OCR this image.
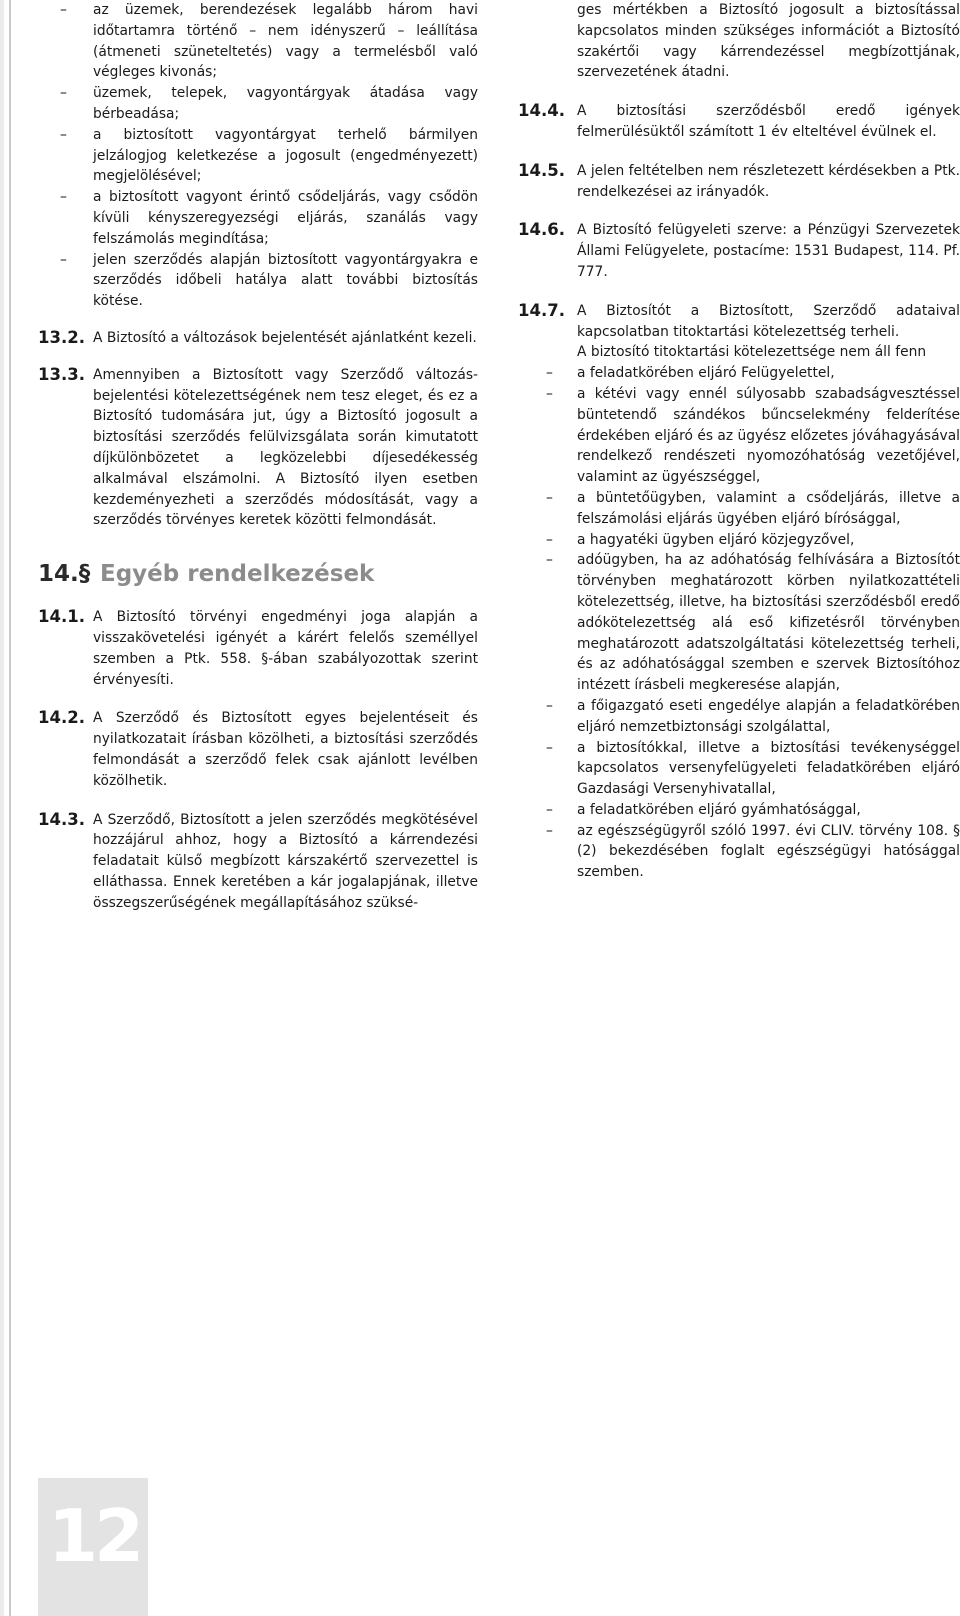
12
– az üzemek, berendezések legalább három havi időtartamra történő – nem idényszerű – leállítása (átmeneti szüneteltetés) vagy a termelésből való végleges kivonás;
– üzemek, telepek, vagyontárgyak átadása vagy bérbeadása;
– a biztosított vagyontárgyat terhelő bármilyen jelzálogjog keletkezése a jogosult (engedményezett) megjelölésével;
– a biztosított vagyont érintő csődeljárás, vagy csődön kívüli kényszeregyezségi eljárás, szanálás vagy felszámolás megindítása;
– jelen szerződés alapján biztosított vagyontárgyakra e szerződés időbeli hatálya alatt további biztosítás kötése.
13.2. A Biztosító a változások bejelentését ajánlatként kezeli.
13.3. Amennyiben a Biztosított vagy Szerződő változás-bejelentési kötelezettségének nem tesz eleget, és ez a Biztosító tudomására jut, úgy a Biztosító jogosult a biztosítási szerződés felülvizsgálata során kimutatott díjkülönbözetet a legközelebbi díjesedékesség alkalmával elszámolni. A Biztosító ilyen esetben kezdeményezheti a szerződés módosítását, vagy a szerződés törvényes keretek közötti felmondását.
14.§ Egyéb rendelkezések
14.1. A Biztosító törvényi engedményi joga alapján a visszakövetelési igényét a kárért felelős személlyel szemben a Ptk. 558. §-ában szabályozottak szerint érvényesíti.
14.2. A Szerződő és Biztosított egyes bejelentéseit és nyilatkozatait írásban közölheti, a biztosítási szerződés felmondását a szerződő felek csak ajánlott levélben közölhetik.
14.3. A Szerződő, Biztosított a jelen szerződés megkötésével hozzájárul ahhoz, hogy a Biztosító a kárrendezési feladatait külső megbízott kárszakértő szervezettel is elláthassa. Ennek keretében a kár jogalapjának, illetve összegszerűségének megállapításához szüksé-
ges mértékben a Biztosító jogosult a biztosítással kapcsolatos minden szükséges információt a Biztosító szakértői vagy kárrendezéssel megbízottjának, szervezetének átadni.
14.4. A biztosítási szerződésből eredő igények felmerülésüktől számított 1 év elteltével évülnek el.
14.5. A jelen feltételben nem részletezett kérdésekben a Ptk. rendelkezései az irányadók.
14.6. A Biztosító felügyeleti szerve: a Pénzügyi Szervezetek Állami Felügyelete, postacíme: 1531 Budapest, 114. Pf. 777.
14.7. A Biztosítót a Biztosított, Szerződő adataival kapcsolatban titoktartási kötelezettség terheli.
A biztosító titoktartási kötelezettsége nem áll fenn
– a feladatkörében eljáró Felügyelettel,
– a kétévi vagy ennél súlyosabb szabadságvesztéssel büntetendő szándékos bűncselekmény felderítése érdekében eljáró és az ügyész előzetes jóváhagyásával rendelkező rendészeti nyomozóhatóság vezetőjével, valamint az ügyészséggel,
– a büntetőügyben, valamint a csődeljárás, illetve a felszámolási eljárás ügyében eljáró bírósággal,
– a hagyatéki ügyben eljáró közjegyzővel,
– adóügyben, ha az adóhatóság felhívására a Biztosítót törvényben meghatározott körben nyilatkozattételi kötelezettség, illetve, ha biztosítási szerződésből eredő adókötelezettség alá eső kifizetésről törvényben meghatározott adatszolgáltatási kötelezettség terheli, és az adóhatósággal szemben e szervek Biztosítóhoz intézett írásbeli megkeresése alapján,
– a főigazgató eseti engedélye alapján a feladatkörében eljáró nemzetbiztonsági szolgálattal,
– a biztosítókkal, illetve a biztosítási tevékenységgel kapcsolatos versenyfelügyeleti feladatkörében eljáró Gazdasági Versenyhivatallal,
– a feladatkörében eljáró gyámhatósággal,
– az egészségügyről szóló 1997. évi CLIV. törvény 108. § (2) bekezdésében foglalt egészségügyi hatósággal szemben.
